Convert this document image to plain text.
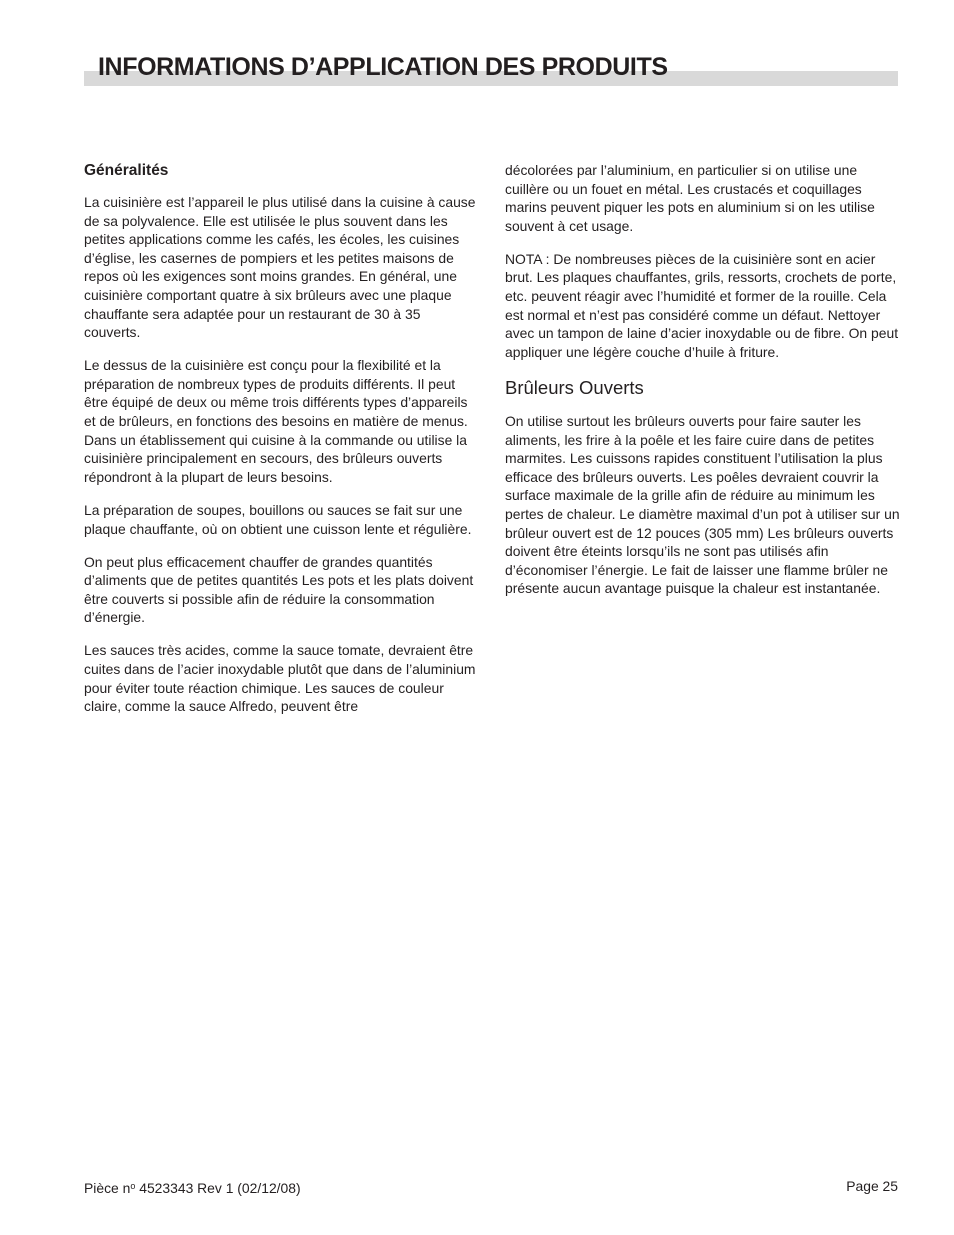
INFORMATIONS D’APPLICATION DES PRODUITS
Généralités

La cuisinière est l’appareil le plus utilisé dans la cuisine à cause de sa polyvalence. Elle est utilisée le plus souvent dans les petites applications comme les cafés, les écoles, les cuisines d’église, les casernes de pompiers et les petites maisons de repos où les exigences sont moins grandes. En général, une cuisinière comportant quatre à six brûleurs avec une plaque chauffante sera adaptée pour un restaurant de 30 à 35 couverts.

Le dessus de la cuisinière est conçu pour la flexibilité et la préparation de nombreux types de produits différents. Il peut être équipé de deux ou même trois différents types d’appareils et de brûleurs, en fonctions des besoins en matière de menus. Dans un établissement qui cuisine à la commande ou utilise la cuisinière principalement en secours, des brûleurs ouverts répondront à la plupart de leurs besoins.

La préparation de soupes, bouillons ou sauces se fait sur une plaque chauffante, où on obtient une cuisson lente et régulière.

On peut plus efficacement chauffer de grandes quantités d’aliments que de petites quantités Les pots et les plats doivent être couverts si possible afin de réduire la consommation d’énergie.

Les sauces très acides, comme la sauce tomate, devraient être cuites dans de l’acier inoxydable plutôt que dans de l’aluminium pour éviter toute réaction chimique. Les sauces de couleur claire, comme la sauce Alfredo, peuvent être

décolorées par l’aluminium, en particulier si on utilise une cuillère ou un fouet en métal. Les crustacés et coquillages marins peuvent piquer les pots en aluminium si on les utilise souvent à cet usage.

NOTA : De nombreuses pièces de la cuisinière sont en acier brut. Les plaques chauffantes, grils, ressorts, crochets de porte, etc. peuvent réagir avec l’humidité et former de la rouille. Cela est normal et n’est pas considéré comme un défaut. Nettoyer avec un tampon de laine d’acier inoxydable ou de fibre. On peut appliquer une légère couche d’huile à friture.

Brûleurs Ouverts

On utilise surtout les brûleurs ouverts pour faire sauter les aliments, les frire à la poêle et les faire cuire dans de petites marmites. Les cuissons rapides constituent l’utilisation la plus efficace des brûleurs ouverts. Les poêles devraient couvrir la surface maximale de la grille afin de réduire au minimum les pertes de chaleur. Le diamètre maximal d’un pot à utiliser sur un brûleur ouvert est de 12 pouces (305 mm) Les brûleurs ouverts doivent être éteints lorsqu’ils ne sont pas utilisés afin d’économiser l’énergie. Le fait de laisser une flamme brûler ne présente aucun avantage puisque la chaleur est instantanée.

Pièce $n^o$ 4523343 Rev 1 (02/12/08)	Page 25
